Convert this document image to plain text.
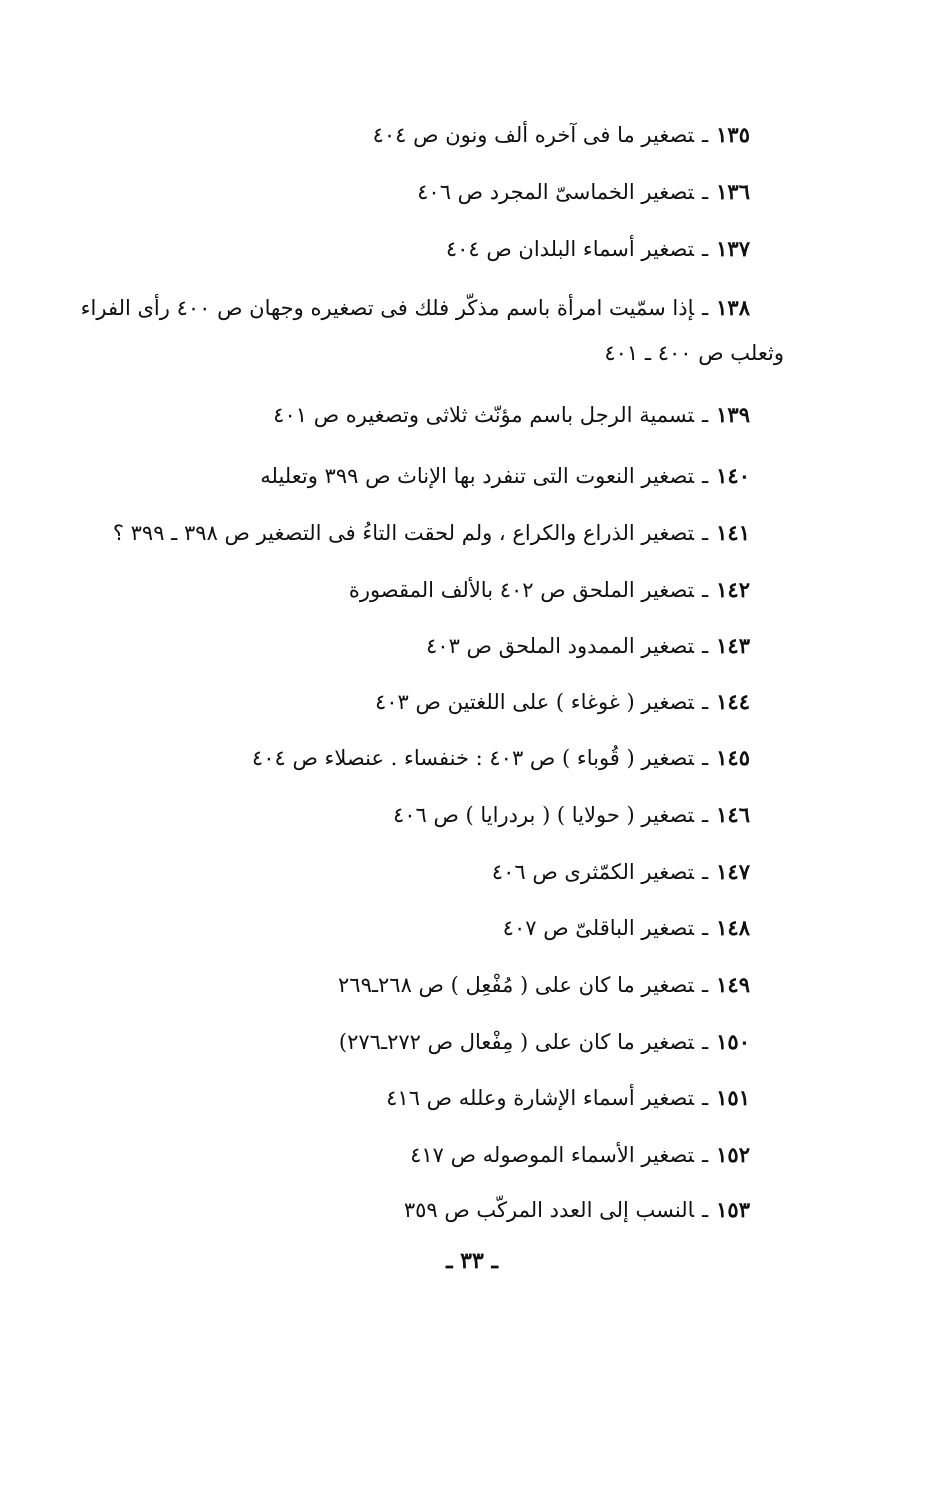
١٣٥ـتصغير ما فى آخره ألف ونون ص ٤٠٤
١٣٦ـتصغير الخماسىّ المجرد ص ٤٠٦
١٣٧ـتصغير أسماء البلدان ص ٤٠٤
١٣٨ـإذا سمّيت امرأة باسم مذكّر فلك فى تصغيره وجهان ص ٤٠٠ رأى الفراء
وثعلب ص ٤٠٠ ـ ٤٠١
١٣٩ـتسمية الرجل باسم مؤنّث ثلاثى وتصغيره ص ٤٠١
١٤٠ـتصغير النعوت التى تنفرد بها الإناث ص ٣٩٩ وتعليله
١٤١ـتصغير الذراع والكراع ، ولم لحقت التاءُ فى التصغير ص ٣٩٨ ـ ٣٩٩ ؟
١٤٢ـتصغير الملحق ص ٤٠٢ بالألف المقصورة
١٤٣ـتصغير الممدود الملحق ص ٤٠٣
١٤٤ـتصغير ( غوغاء ) على اللغتين ص ٤٠٣
١٤٥ـتصغير ( قُوباء ) ص ٤٠٣ : خنفساء . عنصلاء ص ٤٠٤
١٤٦ـتصغير ( حولايا ) ( بردرايا ) ص ٤٠٦
١٤٧ـتصغير الكمّثرى ص ٤٠٦
١٤٨ـتصغير الباقلىّ ص ٤٠٧
١٤٩ـتصغير ما كان على ( مُفْعِل ) ص ٢٦٨ـ٢٦٩
١٥٠ـتصغير ما كان على ( مِفْعال ص ٢٧٢ـ٢٧٦)
١٥١ـتصغير أسماء الإشارة وعلله ص ٤١٦
١٥٢ـتصغير الأسماء الموصوله ص ٤١٧
١٥٣ـالنسب إلى العدد المركّب ص ٣٥٩
ـ ٣٣ ـ
